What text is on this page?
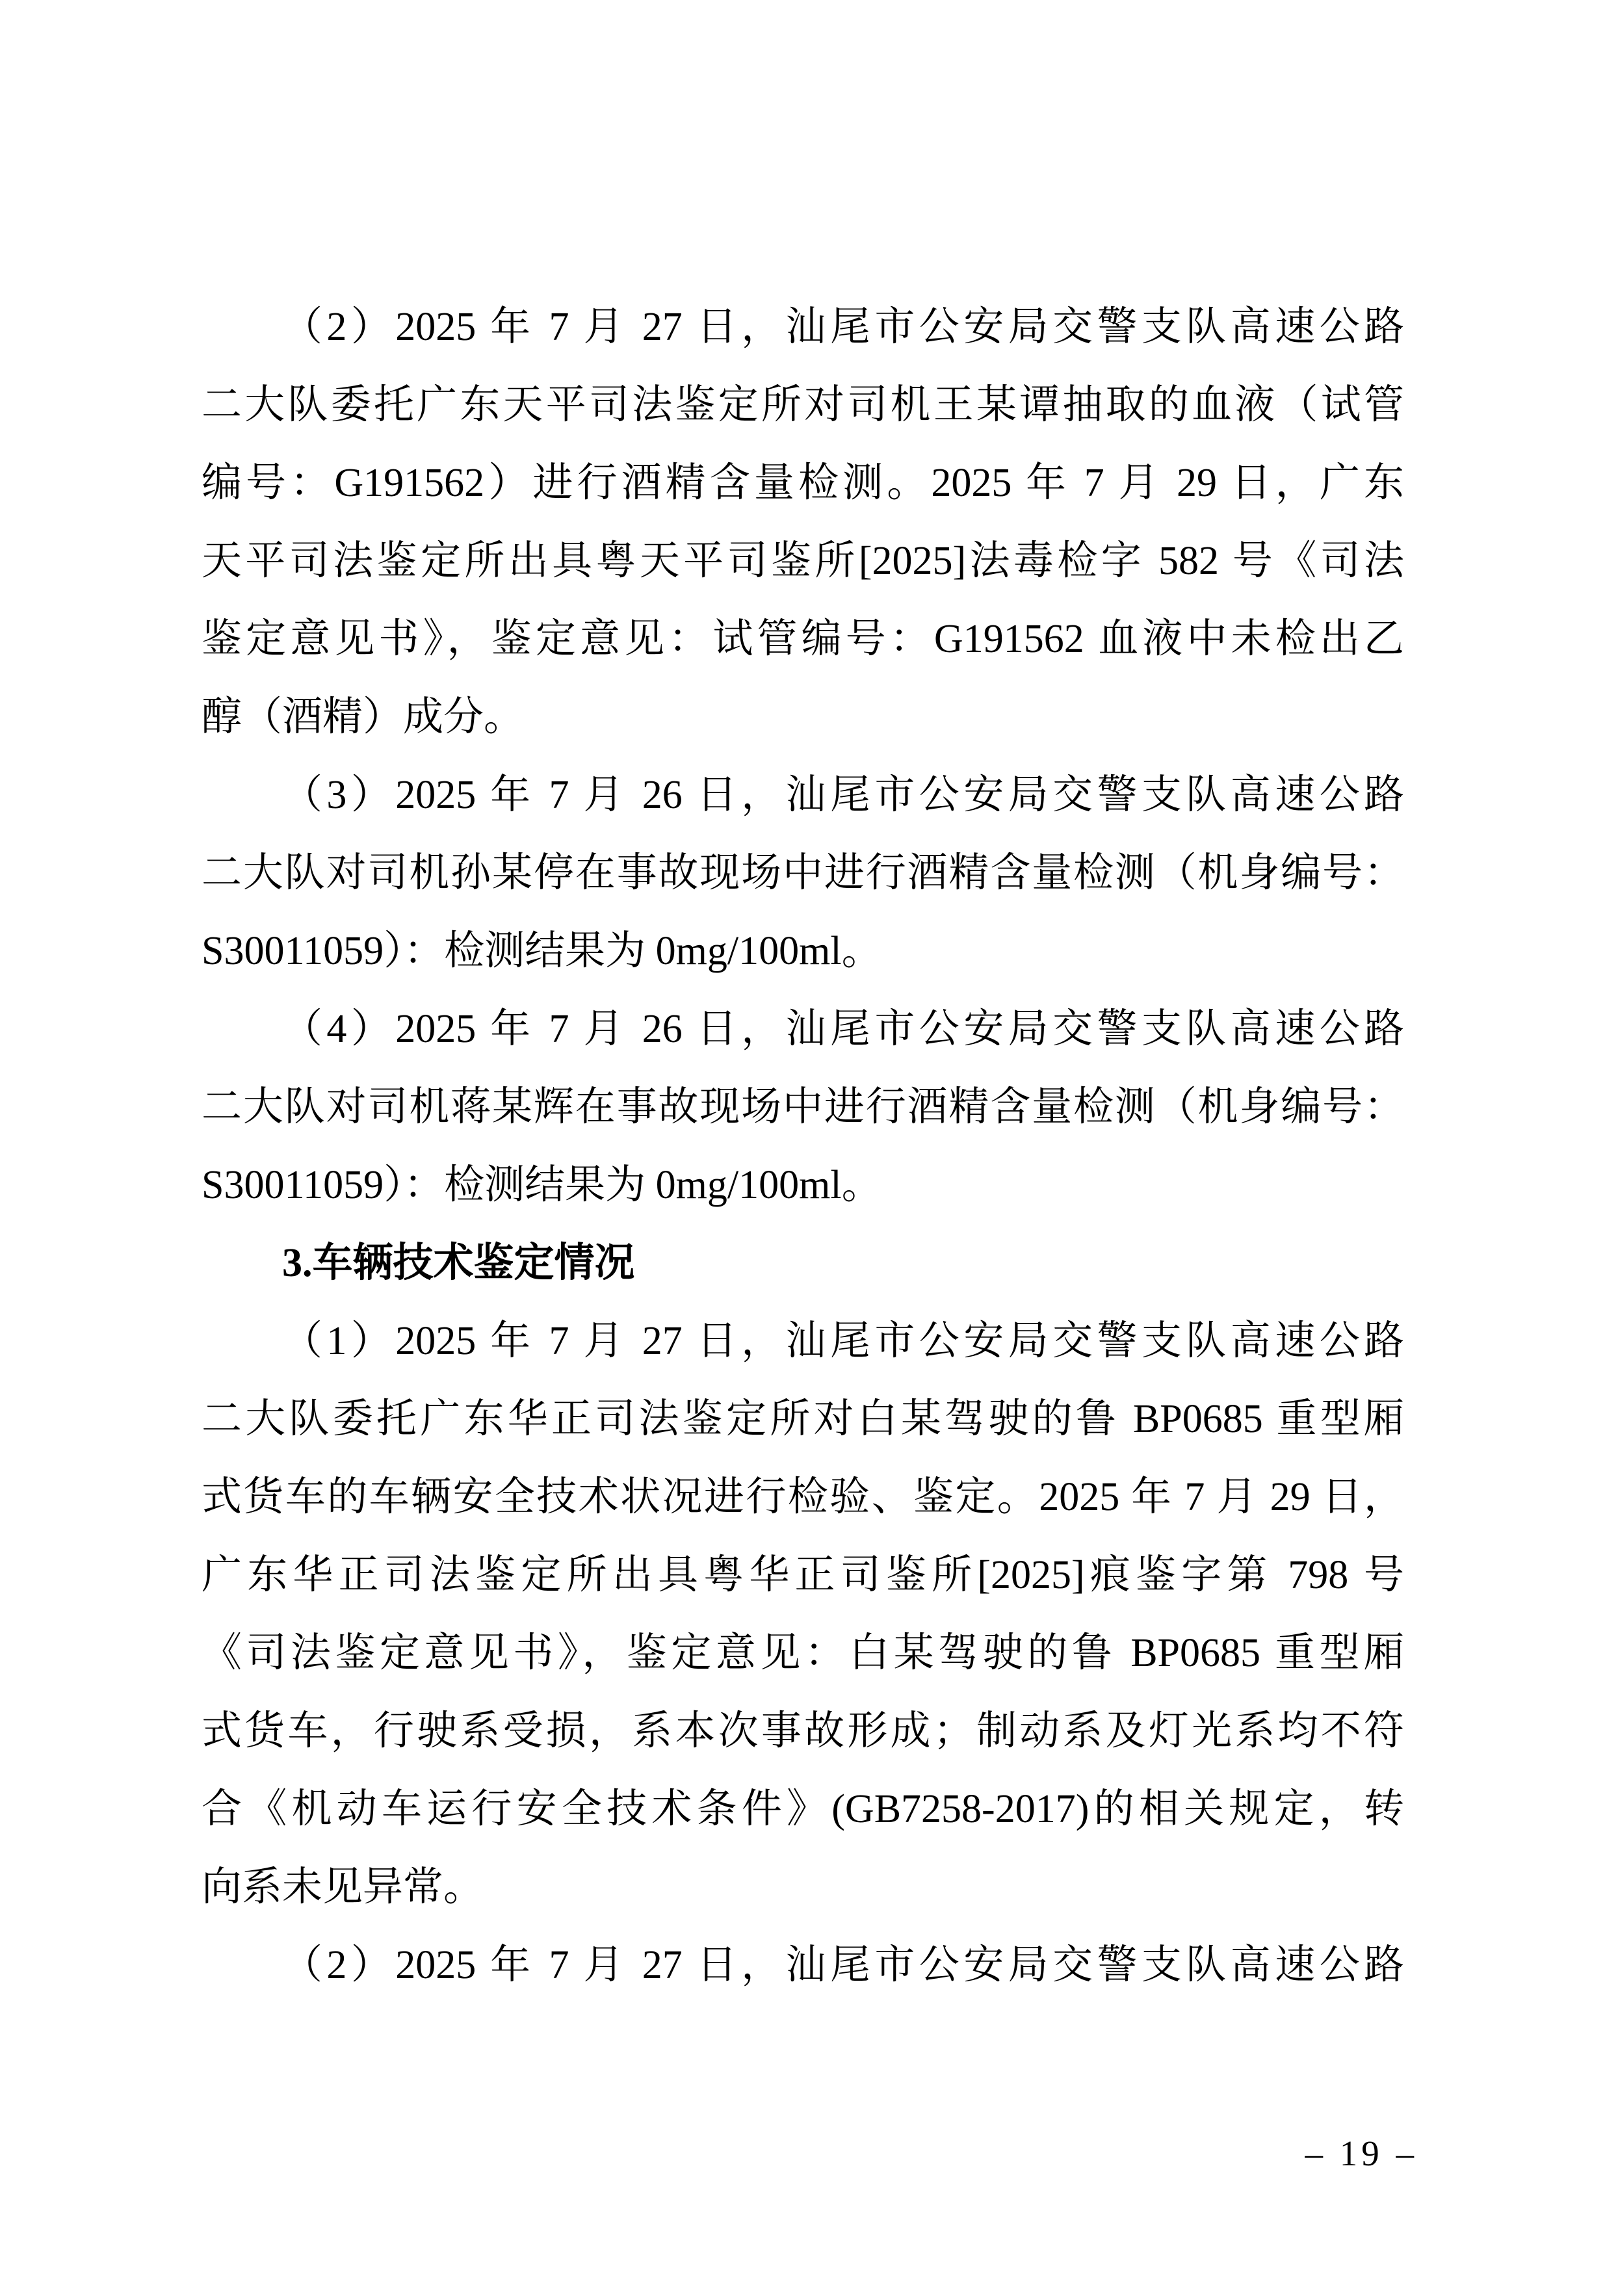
（2）2025 年 7 月 27 日，汕尾市公安局交警支队高速公路
二大队委托广东天平司法鉴定所对司机王某谭抽取的血液（试管
编号：G191562）进行酒精含量检测。2025 年 7 月 29 日，广东
天平司法鉴定所出具粤天平司鉴所[2025]法毒检字 582 号《司法
鉴定意见书》，鉴定意见：试管编号：G191562 血液中未检出乙
醇（酒精）成分。
（3）2025 年 7 月 26 日，汕尾市公安局交警支队高速公路
二大队对司机孙某停在事故现场中进行酒精含量检测（机身编号：
S30011059）：检测结果为 0mg/100ml。
（4）2025 年 7 月 26 日，汕尾市公安局交警支队高速公路
二大队对司机蒋某辉在事故现场中进行酒精含量检测（机身编号：
S30011059）：检测结果为 0mg/100ml。
3.车辆技术鉴定情况
（1）2025 年 7 月 27 日，汕尾市公安局交警支队高速公路
二大队委托广东华正司法鉴定所对白某驾驶的鲁 BP0685 重型厢
式货车的车辆安全技术状况进行检验、鉴定。2025 年 7 月 29 日，
广东华正司法鉴定所出具粤华正司鉴所[2025]痕鉴字第 798 号
《司法鉴定意见书》，鉴定意见：白某驾驶的鲁 BP0685 重型厢
式货车，行驶系受损，系本次事故形成；制动系及灯光系均不符
合《机动车运行安全技术条件》(GB7258-2017)的相关规定，转
向系未见异常。
（2）2025 年 7 月 27 日，汕尾市公安局交警支队高速公路
– 19 –
